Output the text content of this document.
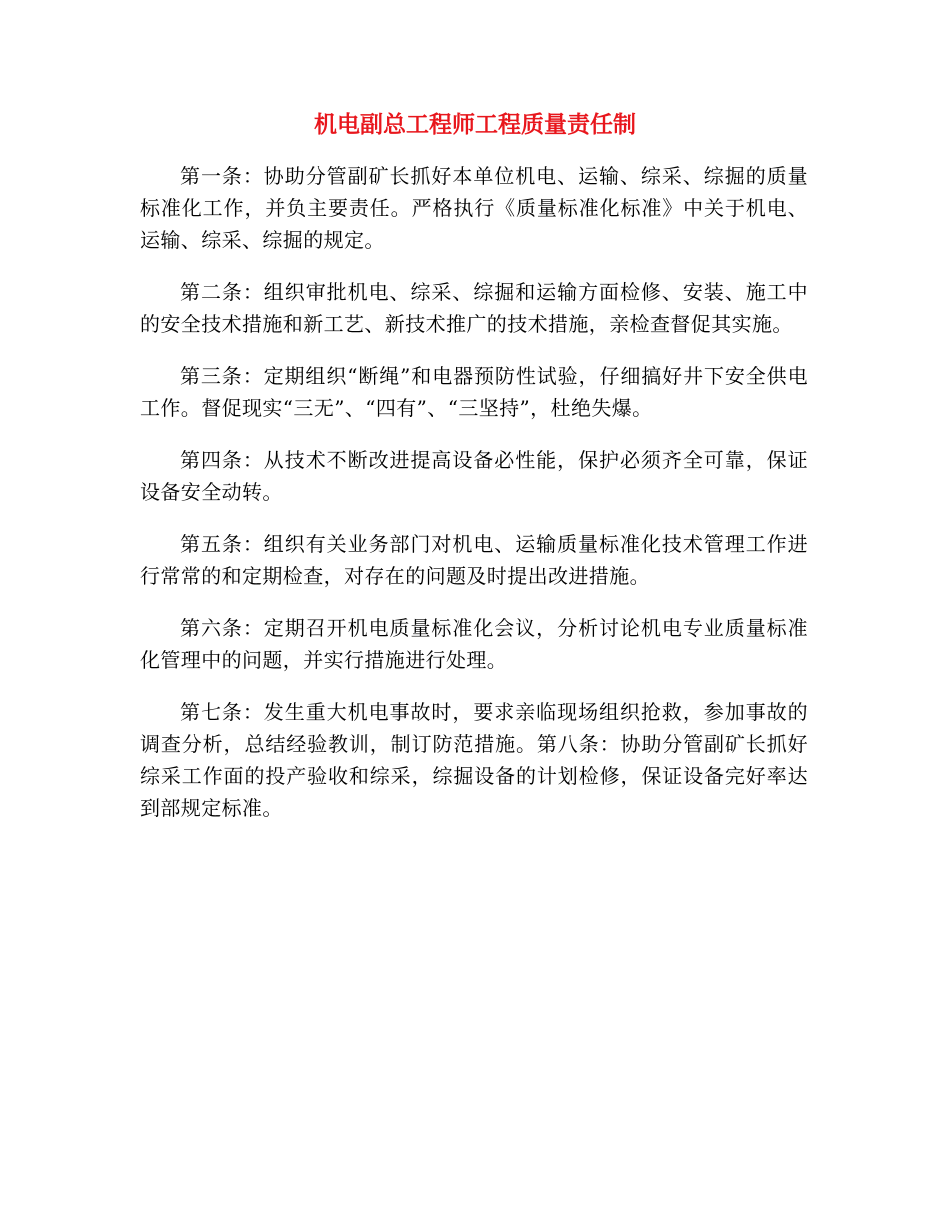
机电副总工程师工程质量责任制

第一条：协助分管副矿长抓好本单位机电、运输、综采、综掘的质量标准化工作，并负主要责任。严格执行《质量标准化标准》中关于机电、运输、综采、综掘的规定。

第二条：组织审批机电、综采、综掘和运输方面检修、安装、施工中的安全技术措施和新工艺、新技术推广的技术措施，亲检查督促其实施。

第三条：定期组织“断绳”和电器预防性试验，仔细搞好井下安全供电工作。督促现实“三无”、“四有”、“三坚持”，杜绝失爆。

第四条：从技术不断改进提高设备必性能，保护必须齐全可靠，保证设备安全动转。

第五条：组织有关业务部门对机电、运输质量标准化技术管理工作进行常常的和定期检查，对存在的问题及时提出改进措施。

第六条：定期召开机电质量标准化会议，分析讨论机电专业质量标准化管理中的问题，并实行措施进行处理。

第七条：发生重大机电事故时，要求亲临现场组织抢救，参加事故的调查分析，总结经验教训，制订防范措施。第八条：协助分管副矿长抓好综采工作面的投产验收和综采，综掘设备的计划检修，保证设备完好率达到部规定标准。
